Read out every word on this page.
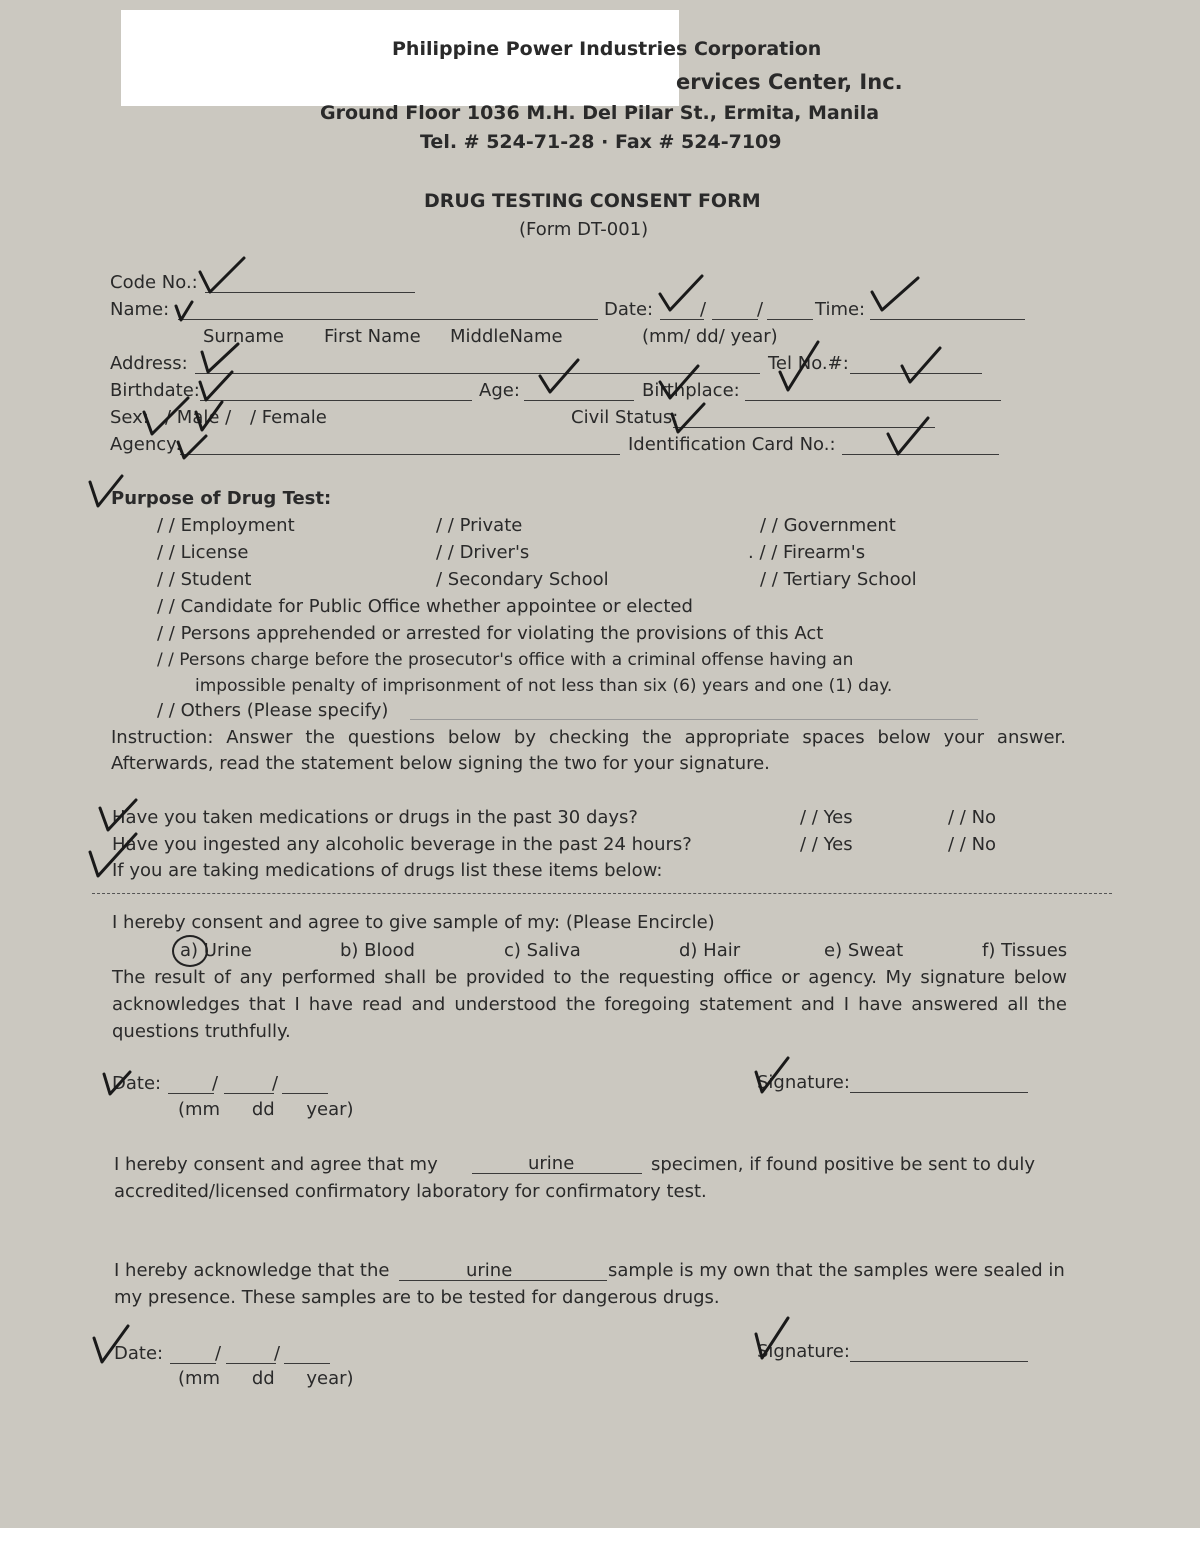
Philippine Power Industries Corporation
ervices Center, Inc.
Ground Floor 1036 M.H. Del Pilar St., Ermita, Manila
Tel. # 524-71-28 · Fax # 524-7109
DRUG TESTING CONSENT FORM
(Form DT-001)
Code No.:
Name:	Date:	/	/	Time:
Surname First Name MiddleName	(mm/ dd/ year)
Address:	Tel No.#:
Birthdate:	Age:	Birthplace:
Sex: / Male / / Female	Civil Status:
Agency:	Identification Card No.:
Purpose of Drug Test:
/ / Employment	/ / Private	/ / Government
/ / License	/ / Driver's	. / / Firearm's
/ / Student	/ Secondary School	/ / Tertiary School
/ / Candidate for Public Office whether appointee or elected
/ / Persons apprehended or arrested for violating the provisions of this Act
/ / Persons charge before the prosecutor's office with a criminal offense having an
impossible penalty of imprisonment of not less than six (6) years and one (1) day.
/ / Others (Please specify)
Instruction: Answer the questions below by checking the appropriate spaces below your answer.
Afterwards, read the statement below signing the two for your signature.
Have you taken medications or drugs in the past 30 days?	/ / Yes	/ / No
Have you ingested any alcoholic beverage in the past 24 hours?	/ / Yes	/ / No
If you are taking medications of drugs list these items below:
I hereby consent and agree to give sample of my: (Please Encircle)
a) Urine	b) Blood	c) Saliva	d) Hair	e) Sweat	f) Tissues
The result of any performed shall be provided to the requesting office or agency. My signature below
acknowledges that I have read and understood the foregoing statement and I have answered all the
questions truthfully.
Date:	/	/
(mm dd year)
Signature:
I hereby consent and agree that my	urine	specimen, if found positive be sent to duly
accredited/licensed confirmatory laboratory for confirmatory test.
I hereby acknowledge that the	urine	sample is my own that the samples were sealed in
my presence. These samples are to be tested for dangerous drugs.
Date:	/	/
(mm dd year)
Signature:
